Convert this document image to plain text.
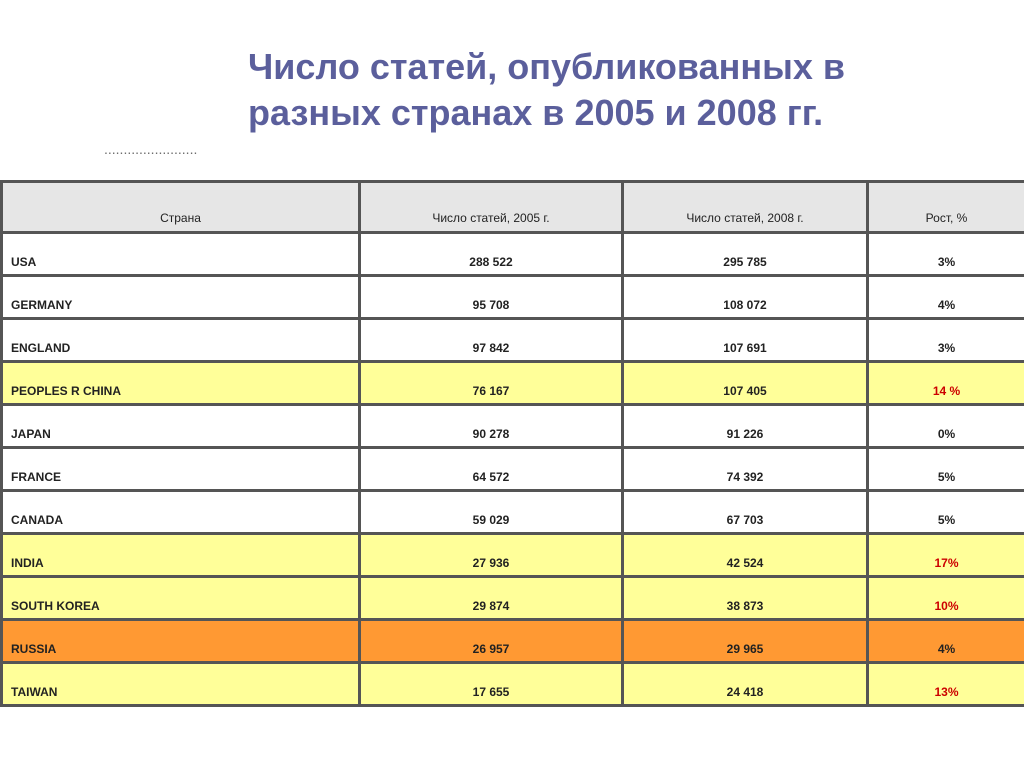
Число статей, опубликованных в
разных странах в 2005 и 2008 гг.
........................
Страна	Число статей, 2005 г.	Число статей, 2008 г.	Рост, %
USA	288 522	295 785	3%
GERMANY	95 708	108 072	4%
ENGLAND	97 842	107 691	3%
PEOPLES R CHINA	76 167	107 405	14 %
JAPAN	90 278	91 226	0%
FRANCE	64 572	74 392	5%
CANADA	59 029	67 703	5%
INDIA	27 936	42 524	17%
SOUTH KOREA	29 874	38 873	10%
RUSSIA	26 957	29 965	4%
TAIWAN	17 655	24 418	13%
